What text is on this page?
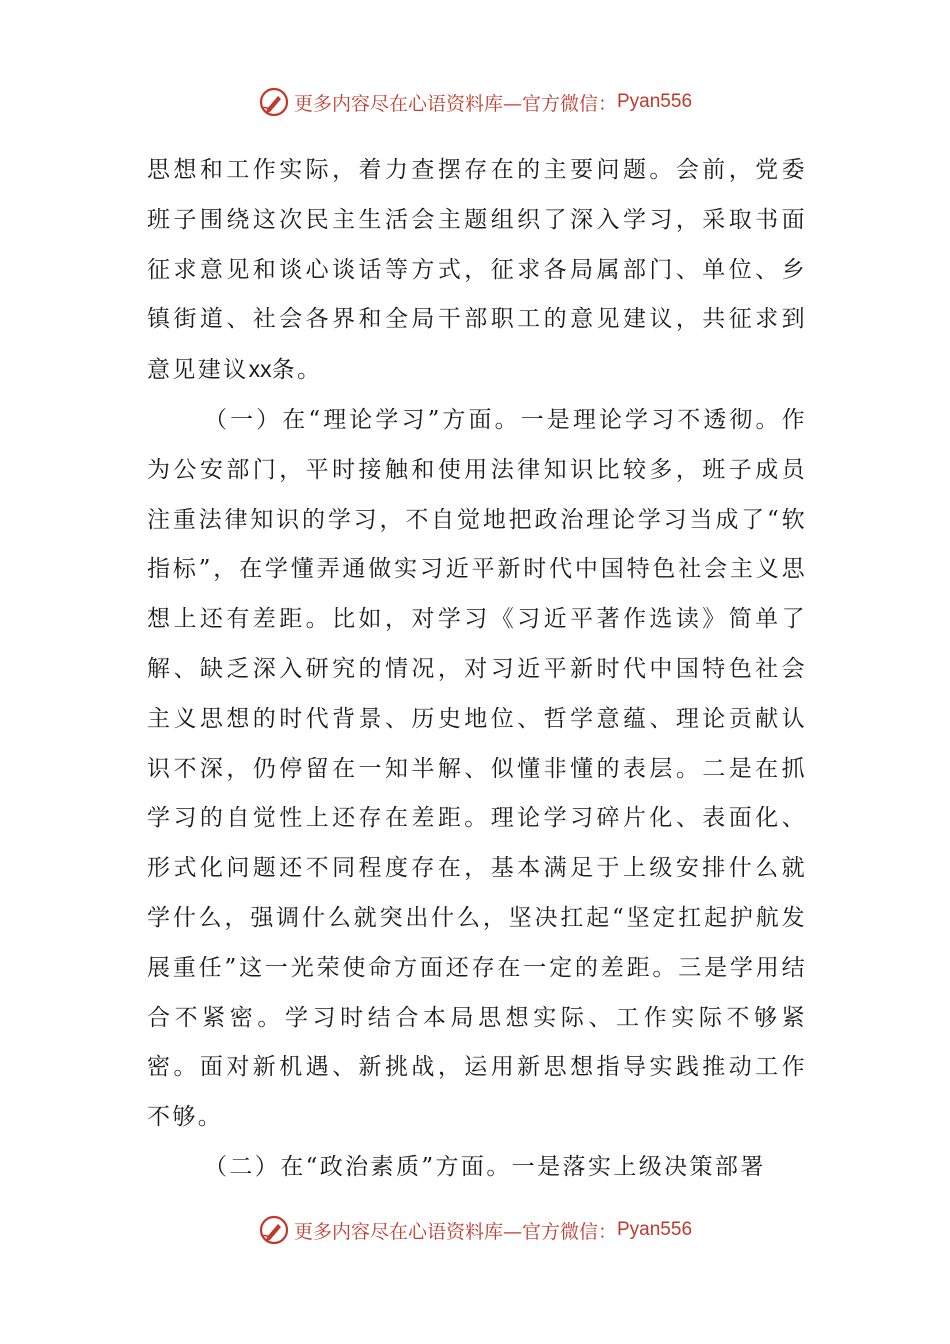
更多内容尽在心语资料库—官方微信： Pyan556

思想和工作实际，着力查摆存在的主要问题。会前，党委班子围绕这次民主生活会主题组织了深入学习，采取书面征求意见和谈心谈话等方式，征求各局属部门、单位、乡镇街道、社会各界和全局干部职工的意见建议，共征求到意见建议xx条。

（一）在“理论学习”方面。一是理论学习不透彻。作为公安部门，平时接触和使用法律知识比较多，班子成员注重法律知识的学习，不自觉地把政治理论学习当成了“软指标”，在学懂弄通做实习近平新时代中国特色社会主义思想上还有差距。比如，对学习《习近平著作选读》简单了解、缺乏深入研究的情况，对习近平新时代中国特色社会主义思想的时代背景、历史地位、哲学意蕴、理论贡献认识不深，仍停留在一知半解、似懂非懂的表层。二是在抓学习的自觉性上还存在差距。理论学习碎片化、表面化、形式化问题还不同程度存在，基本满足于上级安排什么就学什么，强调什么就突出什么，坚决扛起“坚定扛起护航发展重任”这一光荣使命方面还存在一定的差距。三是学用结合不紧密。学习时结合本局思想实际、工作实际不够紧密。面对新机遇、新挑战，运用新思想指导实践推动工作不够。

（二）在“政治素质”方面。一是落实上级决策部署

更多内容尽在心语资料库—官方微信： Pyan556
